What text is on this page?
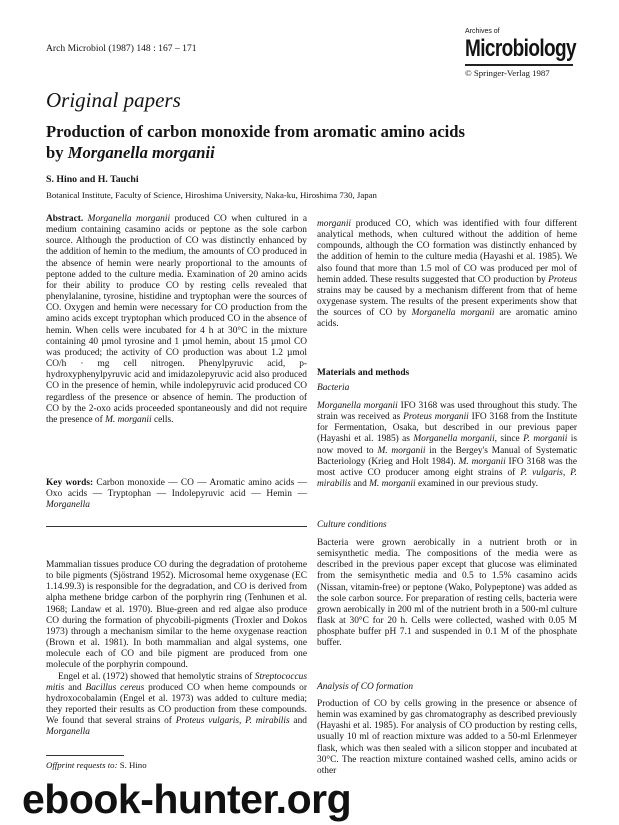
Arch Microbiol (1987) 148 : 167 – 171
Archives of
Microbiology
© Springer-Verlag 1987
Original papers
Production of carbon monoxide from aromatic amino acids
by Morganella morganii
S. Hino and H. Tauchi
Botanical Institute, Faculty of Science, Hiroshima University, Naka-ku, Hiroshima 730, Japan
Abstract. Morganella morganii produced CO when cultured in a medium containing casamino acids or peptone as the sole carbon source. Although the production of CO was distinctly enhanced by the addition of hemin to the medium, the amounts of CO produced in the absence of hemin were nearly proportional to the amounts of peptone added to the culture media. Examination of 20 amino acids for their ability to produce CO by resting cells revealed that phenylalanine, tyrosine, histidine and tryptophan were the sources of CO. Oxygen and hemin were necessary for CO production from the amino acids except tryptophan which produced CO in the absence of hemin. When cells were incubated for 4 h at 30°C in the mixture containing 40 µmol tyrosine and 1 µmol hemin, about 15 µmol CO was produced; the activity of CO production was about 1.2 µmol CO/h · mg cell nitrogen. Phenylpyruvic acid, p-hydroxyphenylpyruvic acid and imidazolepyruvic acid also produced CO in the presence of hemin, while indolepyruvic acid produced CO regardless of the presence or absence of hemin. The production of CO by the 2-oxo acids proceeded spontaneously and did not require the presence of M. morganii cells.
Key words: Carbon monoxide — CO — Aromatic amino acids — Oxo acids — Tryptophan — Indolepyruvic acid — Hemin — Morganella
Mammalian tissues produce CO during the degradation of protoheme to bile pigments (Sjöstrand 1952). Microsomal heme oxygenase (EC 1.14.99.3) is responsible for the degradation, and CO is derived from alpha methene bridge carbon of the porphyrin ring (Tenhunen et al. 1968; Landaw et al. 1970). Blue-green and red algae also produce CO during the formation of phycobili-pigments (Troxler and Dokos 1973) through a mechanism similar to the heme oxygenase reaction (Brown et al. 1981). In both mammalian and algal systems, one molecule each of CO and bile pigment are produced from one molecule of the porphyrin compound.
Engel et al. (1972) showed that hemolytic strains of Streptococcus mitis and Bacillus cereus produced CO when heme compounds or hydroxocobalamin (Engel et al. 1973) was added to culture media; they reported their results as CO production from these compounds. We found that several strains of Proteus vulgaris, P. mirabilis and Morganella
Offprint requests to: S. Hino
morganii produced CO, which was identified with four different analytical methods, when cultured without the addition of heme compounds, although the CO formation was distinctly enhanced by the addition of hemin to the culture media (Hayashi et al. 1985). We also found that more than 1.5 mol of CO was produced per mol of hemin added. These results suggested that CO production by Proteus strains may be caused by a mechanism different from that of heme oxygenase system. The results of the present experiments show that the sources of CO by Morganella morganii are aromatic amino acids.
Materials and methods
Bacteria
Morganella morganii IFO 3168 was used throughout this study. The strain was received as Proteus morganii IFO 3168 from the Institute for Fermentation, Osaka, but described in our previous paper (Hayashi et al. 1985) as Morganella morganii, since P. morganii is now moved to M. morganii in the Bergey's Manual of Systematic Bacteriology (Krieg and Holt 1984). M. morganii IFO 3168 was the most active CO producer among eight strains of P. vulgaris, P. mirabilis and M. morganii examined in our previous study.
Culture conditions
Bacteria were grown aerobically in a nutrient broth or in semisynthetic media. The compositions of the media were as described in the previous paper except that glucose was eliminated from the semisynthetic media and 0.5 to 1.5% casamino acids (Nissan, vitamin-free) or peptone (Wako, Polypeptone) was added as the sole carbon source. For preparation of resting cells, bacteria were grown aerobically in 200 ml of the nutrient broth in a 500-ml culture flask at 30°C for 20 h. Cells were collected, washed with 0.05 M phosphate buffer pH 7.1 and suspended in 0.1 M of the phosphate buffer.
Analysis of CO formation
Production of CO by cells growing in the presence or absence of hemin was examined by gas chromatography as described previously (Hayashi et al. 1985). For analysis of CO production by resting cells, usually 10 ml of reaction mixture was added to a 50-ml Erlenmeyer flask, which was then sealed with a silicon stopper and incubated at 30°C. The reaction mixture contained washed cells, amino acids or other
ebook-hunter.org
